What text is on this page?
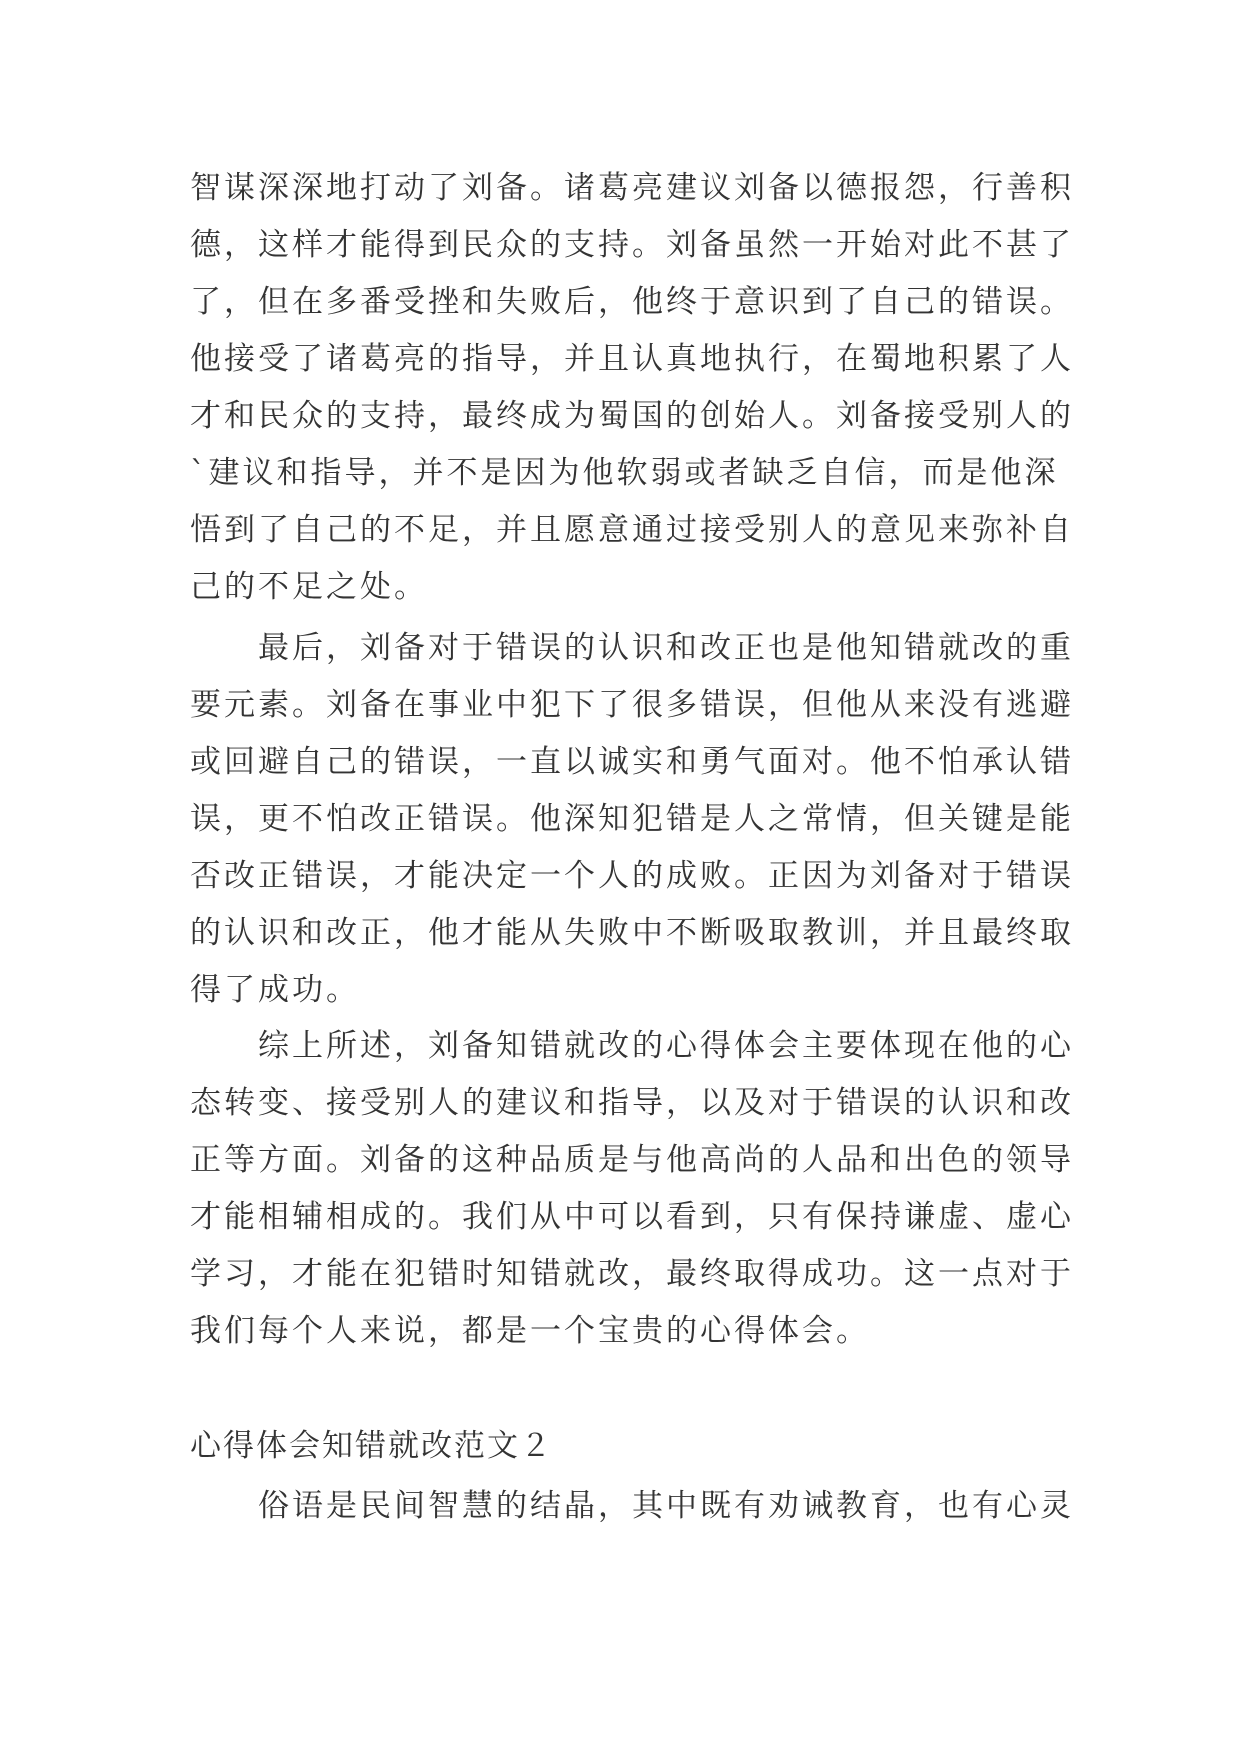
智谋深深地打动了刘备。诸葛亮建议刘备以德报怨，行善积
德，这样才能得到民众的支持。刘备虽然一开始对此不甚了
了，但在多番受挫和失败后，他终于意识到了自己的错误。
他接受了诸葛亮的指导，并且认真地执行，在蜀地积累了人
才和民众的支持，最终成为蜀国的创始人。刘备接受别人的
`建议和指导，并不是因为他软弱或者缺乏自信，而是他深
悟到了自己的不足，并且愿意通过接受别人的意见来弥补自
己的不足之处。
最后，刘备对于错误的认识和改正也是他知错就改的重
要元素。刘备在事业中犯下了很多错误，但他从来没有逃避
或回避自己的错误，一直以诚实和勇气面对。他不怕承认错
误，更不怕改正错误。他深知犯错是人之常情，但关键是能
否改正错误，才能决定一个人的成败。正因为刘备对于错误
的认识和改正，他才能从失败中不断吸取教训，并且最终取
得了成功。
综上所述，刘备知错就改的心得体会主要体现在他的心
态转变、接受别人的建议和指导，以及对于错误的认识和改
正等方面。刘备的这种品质是与他高尚的人品和出色的领导
才能相辅相成的。我们从中可以看到，只有保持谦虚、虚心
学习，才能在犯错时知错就改，最终取得成功。这一点对于
我们每个人来说，都是一个宝贵的心得体会。
心得体会知错就改范文２
俗语是民间智慧的结晶，其中既有劝诫教育，也有心灵
